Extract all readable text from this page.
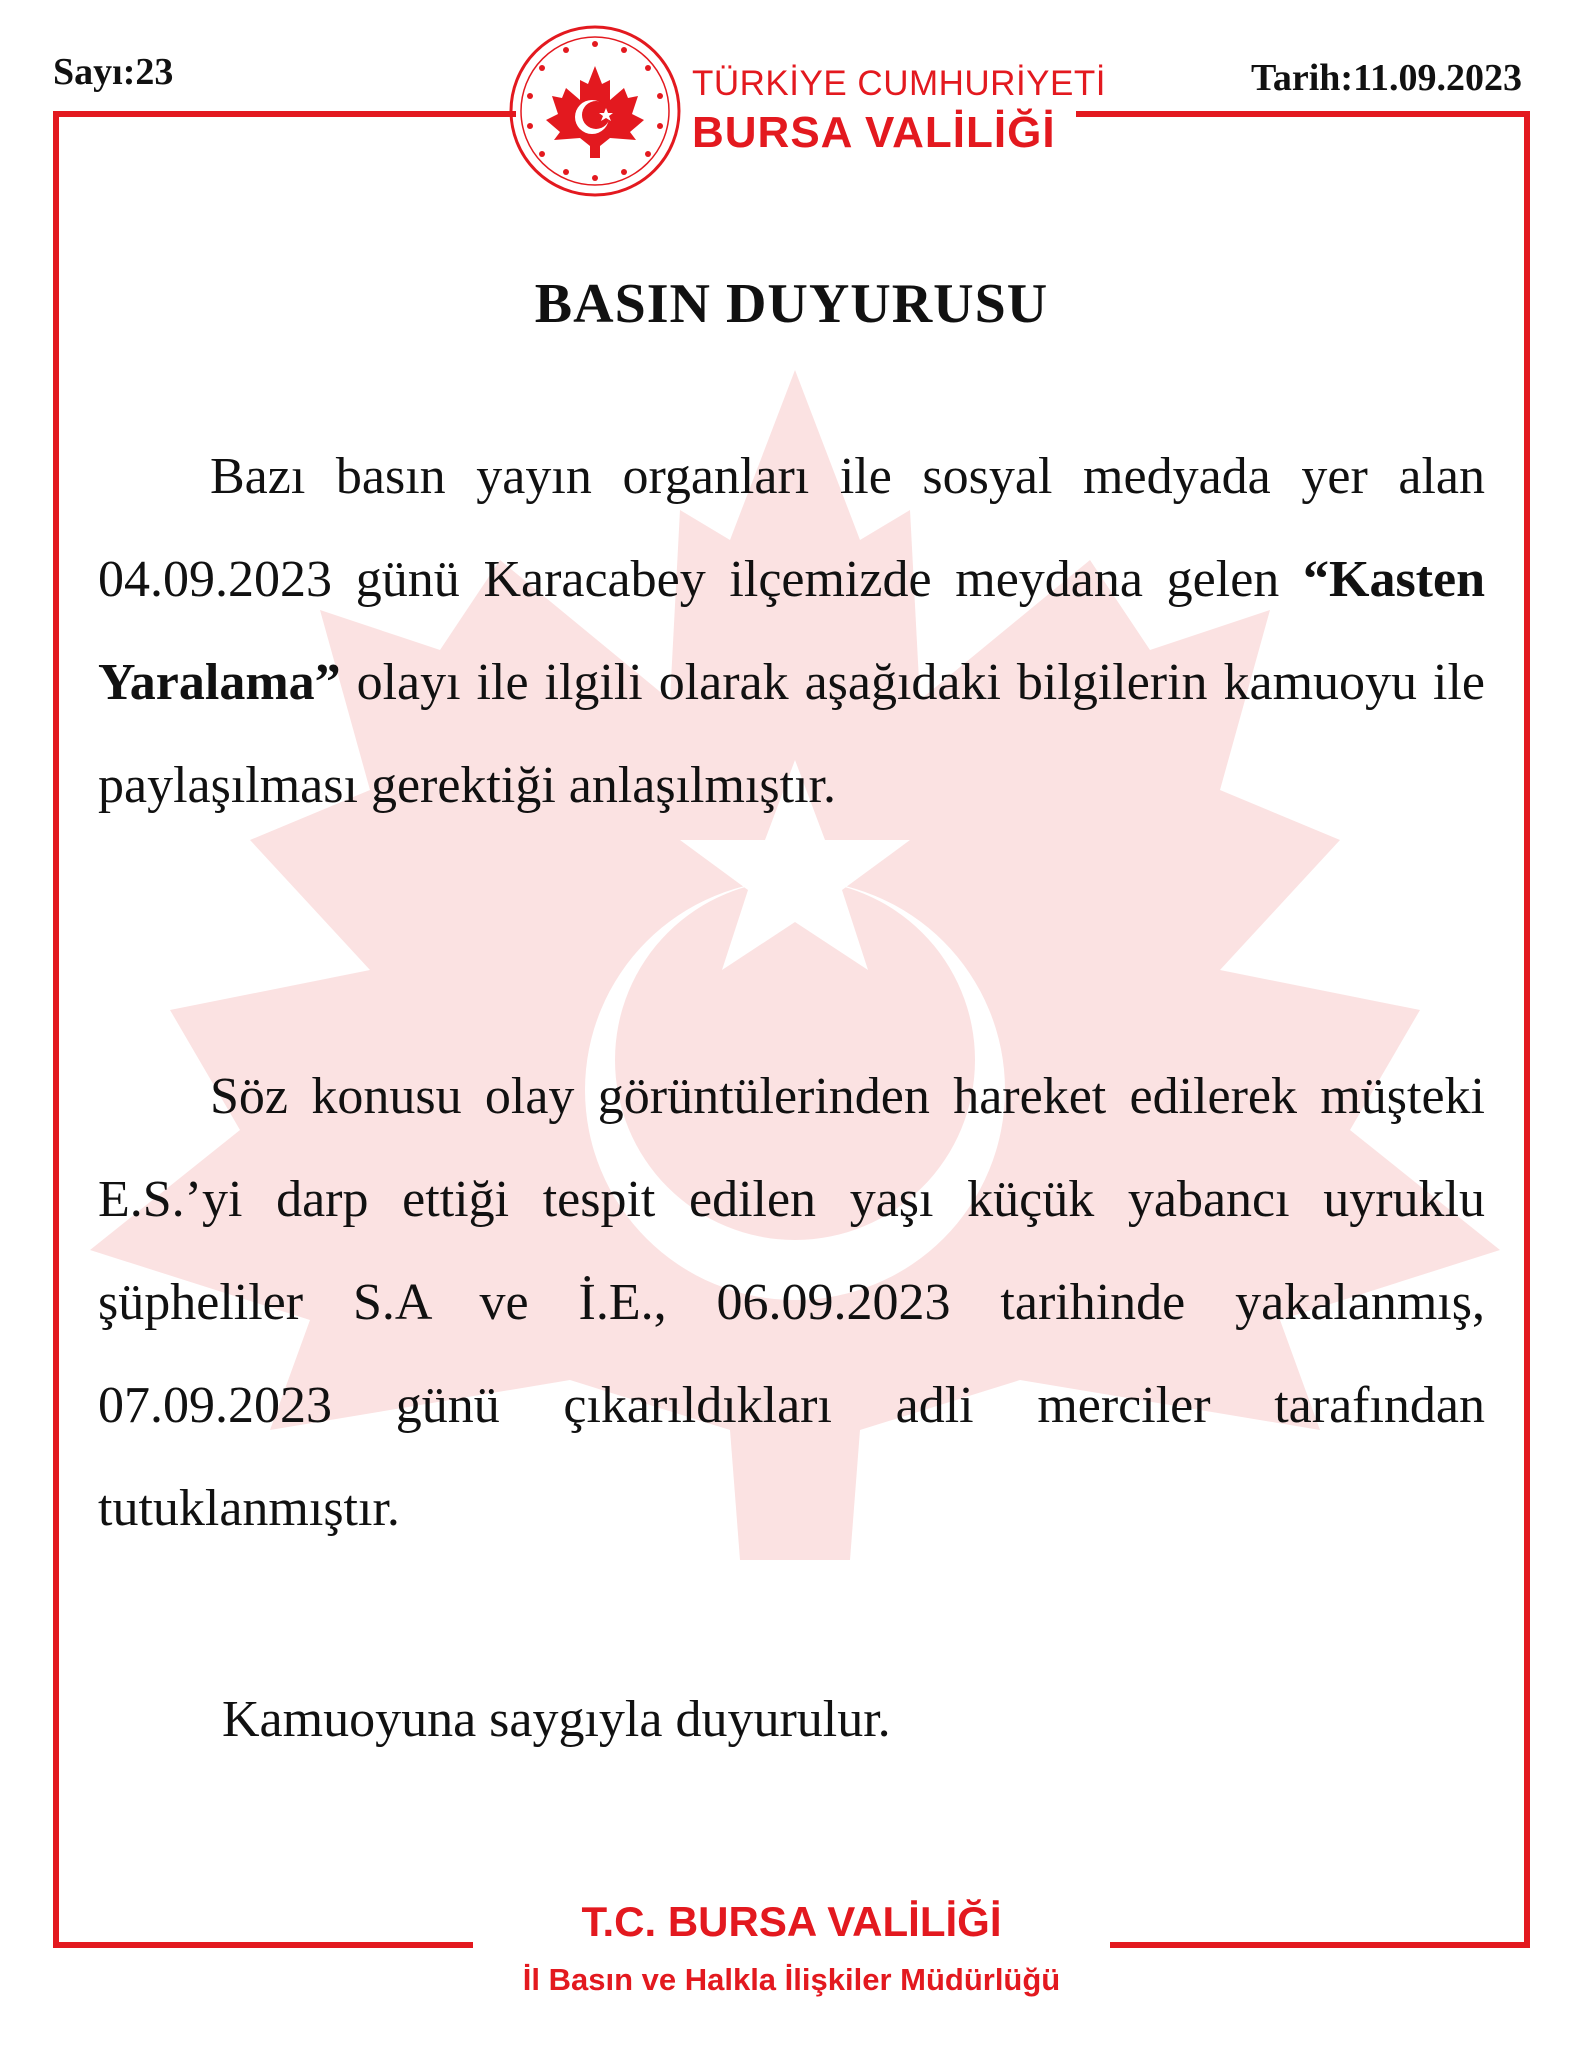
Sayı:23	Tarih:11.09.2023
TÜRKİYE CUMHURİYETİ
BURSA VALİLİĞİ
BASIN DUYURUSU
Bazı basın yayın organları ile sosyal medyada yer alan 04.09.2023 günü Karacabey ilçemizde meydana gelen “Kasten Yaralama” olayı ile ilgili olarak aşağıdaki bilgilerin kamuoyu ile paylaşılması gerektiği anlaşılmıştır.
Söz konusu olay görüntülerinden hareket edilerek müşteki E.S.’yi darp ettiği tespit edilen yaşı küçük yabancı uyruklu şüpheliler S.A ve İ.E., 06.09.2023 tarihinde yakalanmış, 07.09.2023 günü çıkarıldıkları adli merciler tarafından tutuklanmıştır.
Kamuoyuna saygıyla duyurulur.
T.C. BURSA VALİLİĞİ
İl Basın ve Halkla İlişkiler Müdürlüğü
